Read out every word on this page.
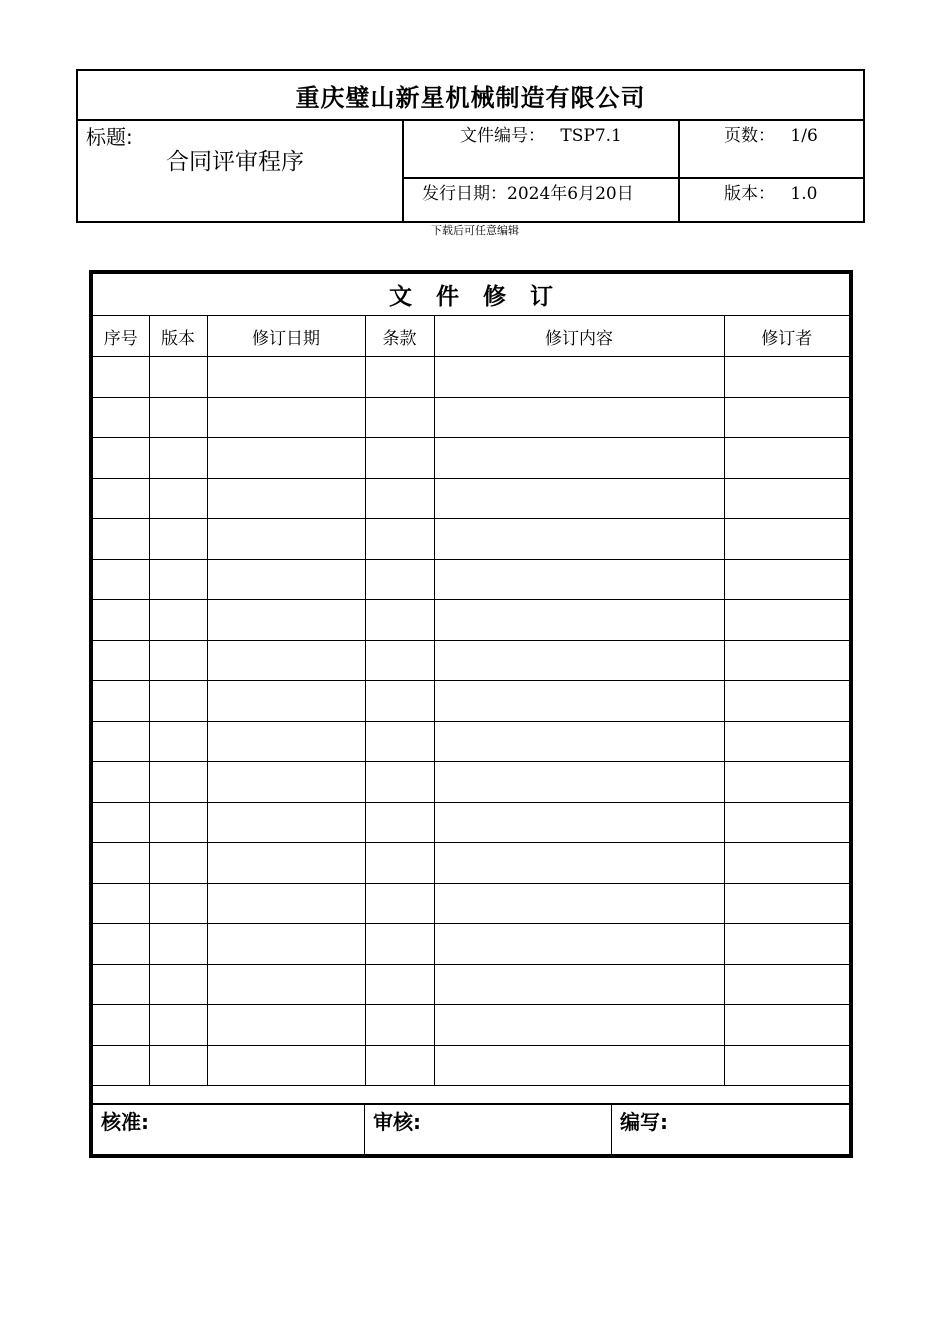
重庆璧山新星机械制造有限公司
标题:
合同评审程序
文件编号： TSP7.1	页数： 1/6
发行日期：2024年6月20日	版本： 1.0
下载后可任意编辑
文件修订
序号	版本	修订日期	条款	修订内容	修订者

核准:	审核:	编写:
